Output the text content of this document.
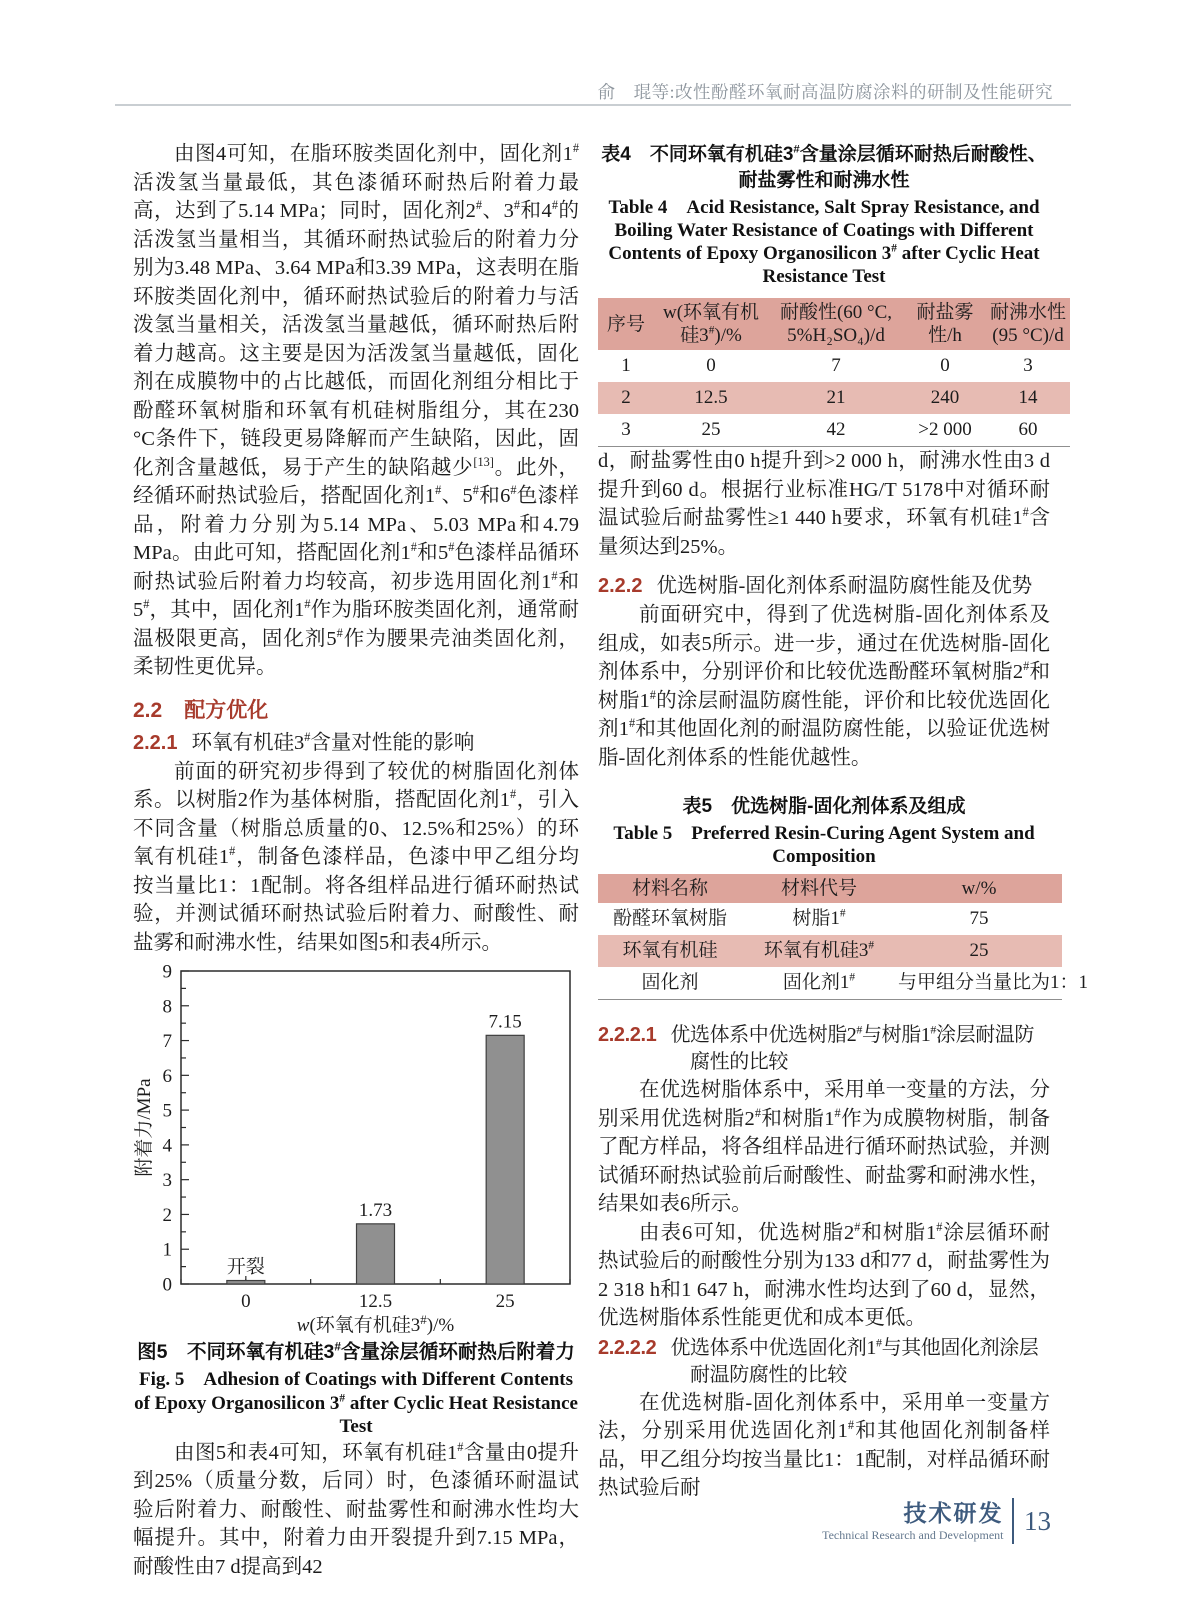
俞　琨等:改性酚醛环氧耐高温防腐涂料的研制及性能研究

由图4可知，在脂环胺类固化剂中，固化剂1#活泼氢当量最低，其色漆循环耐热后附着力最高，达到了5.14 MPa；同时，固化剂2#、3#和4#的活泼氢当量相当，其循环耐热试验后的附着力分别为3.48 MPa、3.64 MPa和3.39 MPa，这表明在脂环胺类固化剂中，循环耐热试验后的附着力与活泼氢当量相关，活泼氢当量越低，循环耐热后附着力越高。这主要是因为活泼氢当量越低，固化剂在成膜物中的占比越低，而固化剂组分相比于酚醛环氧树脂和环氧有机硅树脂组分，其在230 °C条件下，链段更易降解而产生缺陷，因此，固化剂含量越低，易于产生的缺陷越少[13]。此外，经循环耐热试验后，搭配固化剂1#、5#和6#色漆样品，附着力分别为5.14 MPa、5.03 MPa和4.79 MPa。由此可知，搭配固化剂1#和5#色漆样品循环耐热试验后附着力均较高，初步选用固化剂1#和5#，其中，固化剂1#作为脂环胺类固化剂，通常耐温极限更高，固化剂5#作为腰果壳油类固化剂，柔韧性更优异。

2.2 配方优化
2.2.1 环氧有机硅3#含量对性能的影响

前面的研究初步得到了较优的树脂固化剂体系。以树脂2作为基体树脂，搭配固化剂1#，引入不同含量（树脂总质量的0、12.5%和25%）的环氧有机硅1#，制备色漆样品，色漆中甲乙组分均按当量比1：1配制。将各组样品进行循环耐热试验，并测试循环耐热试验后附着力、耐酸性、耐盐雾和耐沸水性，结果如图5和表4所示。

0
1
2
3
4
5
6
7
8
9
0	12.5	25
开裂
1.73
7.15
附着力/MPa
w(环氧有机硅3#)/%
图5 不同环氧有机硅3#含量涂层循环耐热后附着力
Fig. 5 Adhesion of Coatings with Different Contents of Epoxy Organosilicon 3# after Cyclic Heat Resistance Test

由图5和表4可知，环氧有机硅1#含量由0提升到25%（质量分数，后同）时，色漆循环耐温试验后附着力、耐酸性、耐盐雾性和耐沸水性均大幅提升。其中，附着力由开裂提升到7.15 MPa，耐酸性由7 d提高到42

表4 不同环氧有机硅3#含量涂层循环耐热后耐酸性、耐盐雾性和耐沸水性
Table 4 Acid Resistance, Salt Spray Resistance, and Boiling Water Resistance of Coatings with Different Contents of Epoxy Organosilicon 3# after Cyclic Heat Resistance Test
序号	w(环氧有机硅3#)/%	耐酸性(60 °C, 5%H₂SO₄)/d	耐盐雾性/h	耐沸水性(95 °C)/d
1	0	7	0	3
2	12.5	21	240	14
3	25	42	>2 000	60

d，耐盐雾性由0 h提升到>2 000 h，耐沸水性由3 d提升到60 d。根据行业标准HG/T 5178中对循环耐温试验后耐盐雾性≥1 440 h要求，环氧有机硅1#含量须达到25%。

2.2.2 优选树脂-固化剂体系耐温防腐性能及优势

前面研究中，得到了优选树脂-固化剂体系及组成，如表5所示。进一步，通过在优选树脂-固化剂体系中，分别评价和比较优选酚醛环氧树脂2#和树脂1#的涂层耐温防腐性能，评价和比较优选固化剂1#和其他固化剂的耐温防腐性能，以验证优选树脂-固化剂体系的性能优越性。

表5 优选树脂-固化剂体系及组成
Table 5 Preferred Resin-Curing Agent System and Composition
材料名称	材料代号	w/%
酚醛环氧树脂	树脂1#	75
环氧有机硅	环氧有机硅3#	25
固化剂	固化剂1#	与甲组分当量比为1：1
2.2.2.1 优选体系中优选树脂2#与树脂1#涂层耐温防腐性的比较

在优选树脂体系中，采用单一变量的方法，分别采用优选树脂2#和树脂1#作为成膜物树脂，制备了配方样品，将各组样品进行循环耐热试验，并测试循环耐热试验前后耐酸性、耐盐雾和耐沸水性，结果如表6所示。

由表6可知，优选树脂2#和树脂1#涂层循环耐热试验后的耐酸性分别为133 d和77 d，耐盐雾性为2 318 h和1 647 h，耐沸水性均达到了60 d，显然，优选树脂体系性能更优和成本更低。

2.2.2.2 优选体系中优选固化剂1#与其他固化剂涂层耐温防腐性的比较

在优选树脂-固化剂体系中，采用单一变量方法，分别采用优选固化剂1#和其他固化剂制备样品，甲乙组分均按当量比1：1配制，对样品循环耐热试验后耐

技术研发
Technical Research and Development 13
